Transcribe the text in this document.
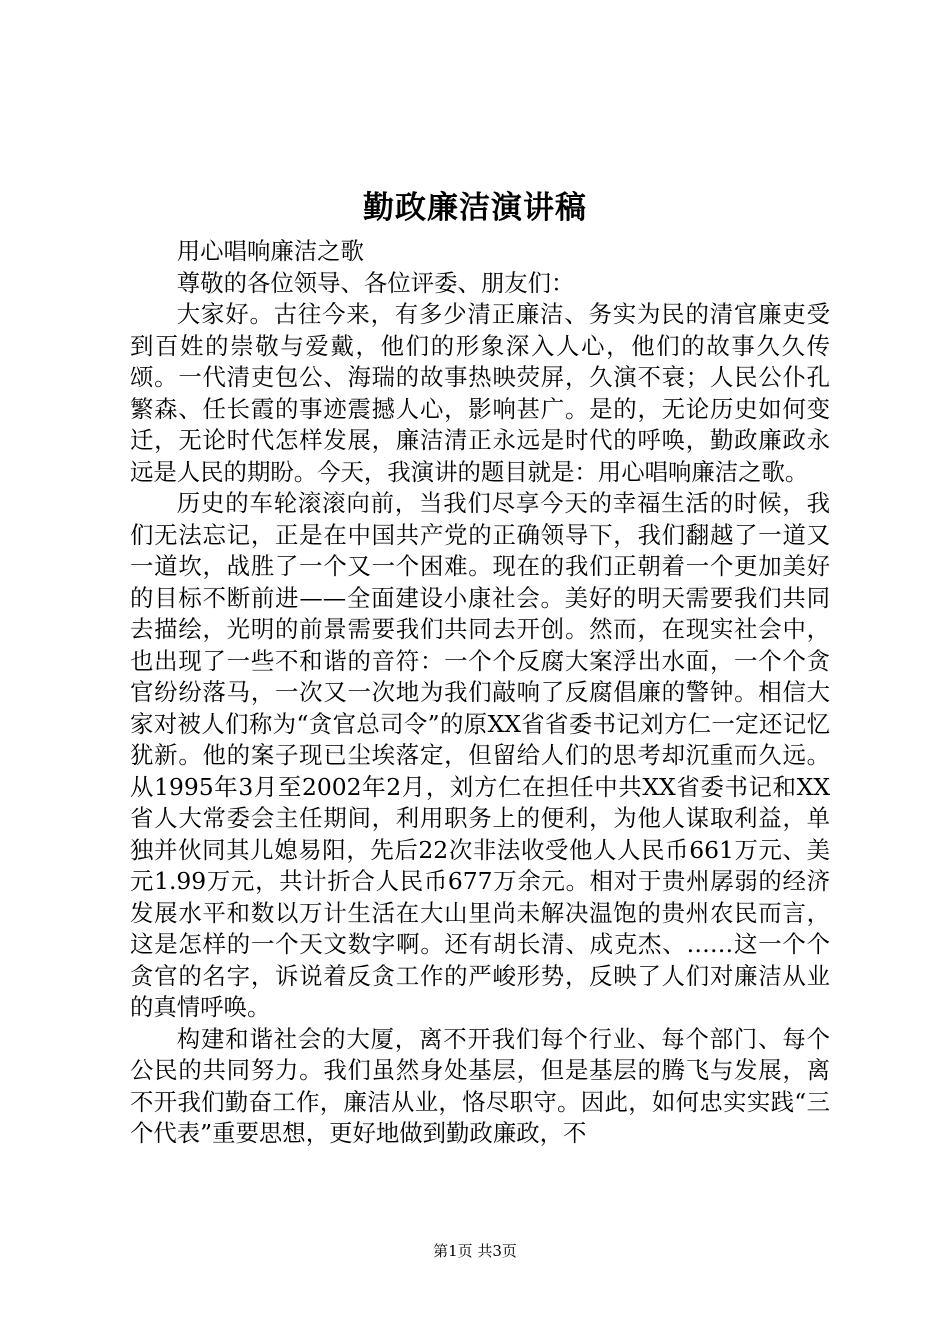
勤政廉洁演讲稿

用心唱响廉洁之歌

尊敬的各位领导、各位评委、朋友们：

大家好。古往今来，有多少清正廉洁、务实为民的清官廉吏受到百姓的崇敬与爱戴，他们的形象深入人心，他们的故事久久传颂。一代清吏包公、海瑞的故事热映荧屏，久演不衰；人民公仆孔繁森、任长霞的事迹震撼人心，影响甚广。是的，无论历史如何变迁，无论时代怎样发展，廉洁清正永远是时代的呼唤，勤政廉政永远是人民的期盼。今天，我演讲的题目就是：用心唱响廉洁之歌。

历史的车轮滚滚向前，当我们尽享今天的幸福生活的时候，我们无法忘记，正是在中国共产党的正确领导下，我们翻越了一道又一道坎，战胜了一个又一个困难。现在的我们正朝着一个更加美好的目标不断前进——全面建设小康社会。美好的明天需要我们共同去描绘，光明的前景需要我们共同去开创。然而，在现实社会中，也出现了一些不和谐的音符：一个个反腐大案浮出水面，一个个贪官纷纷落马，一次又一次地为我们敲响了反腐倡廉的警钟。相信大家对被人们称为“贪官总司令”的原XX省省委书记刘方仁一定还记忆犹新。他的案子现已尘埃落定，但留给人们的思考却沉重而久远。从1995年3月至2002年2月，刘方仁在担任中共XX省委书记和XX省人大常委会主任期间，利用职务上的便利，为他人谋取利益，单独并伙同其儿媳易阳，先后22次非法收受他人人民币661万元、美元1.99万元，共计折合人民币677万余元。相对于贵州孱弱的经济发展水平和数以万计生活在大山里尚未解决温饱的贵州农民而言，这是怎样的一个天文数字啊。还有胡长清、成克杰、……这一个个贪官的名字，诉说着反贪工作的严峻形势，反映了人们对廉洁从业的真情呼唤。

构建和谐社会的大厦，离不开我们每个行业、每个部门、每个公民的共同努力。我们虽然身处基层，但是基层的腾飞与发展，离不开我们勤奋工作，廉洁从业，恪尽职守。因此，如何忠实实践“三个代表”重要思想，更好地做到勤政廉政，不

第1页 共3页
